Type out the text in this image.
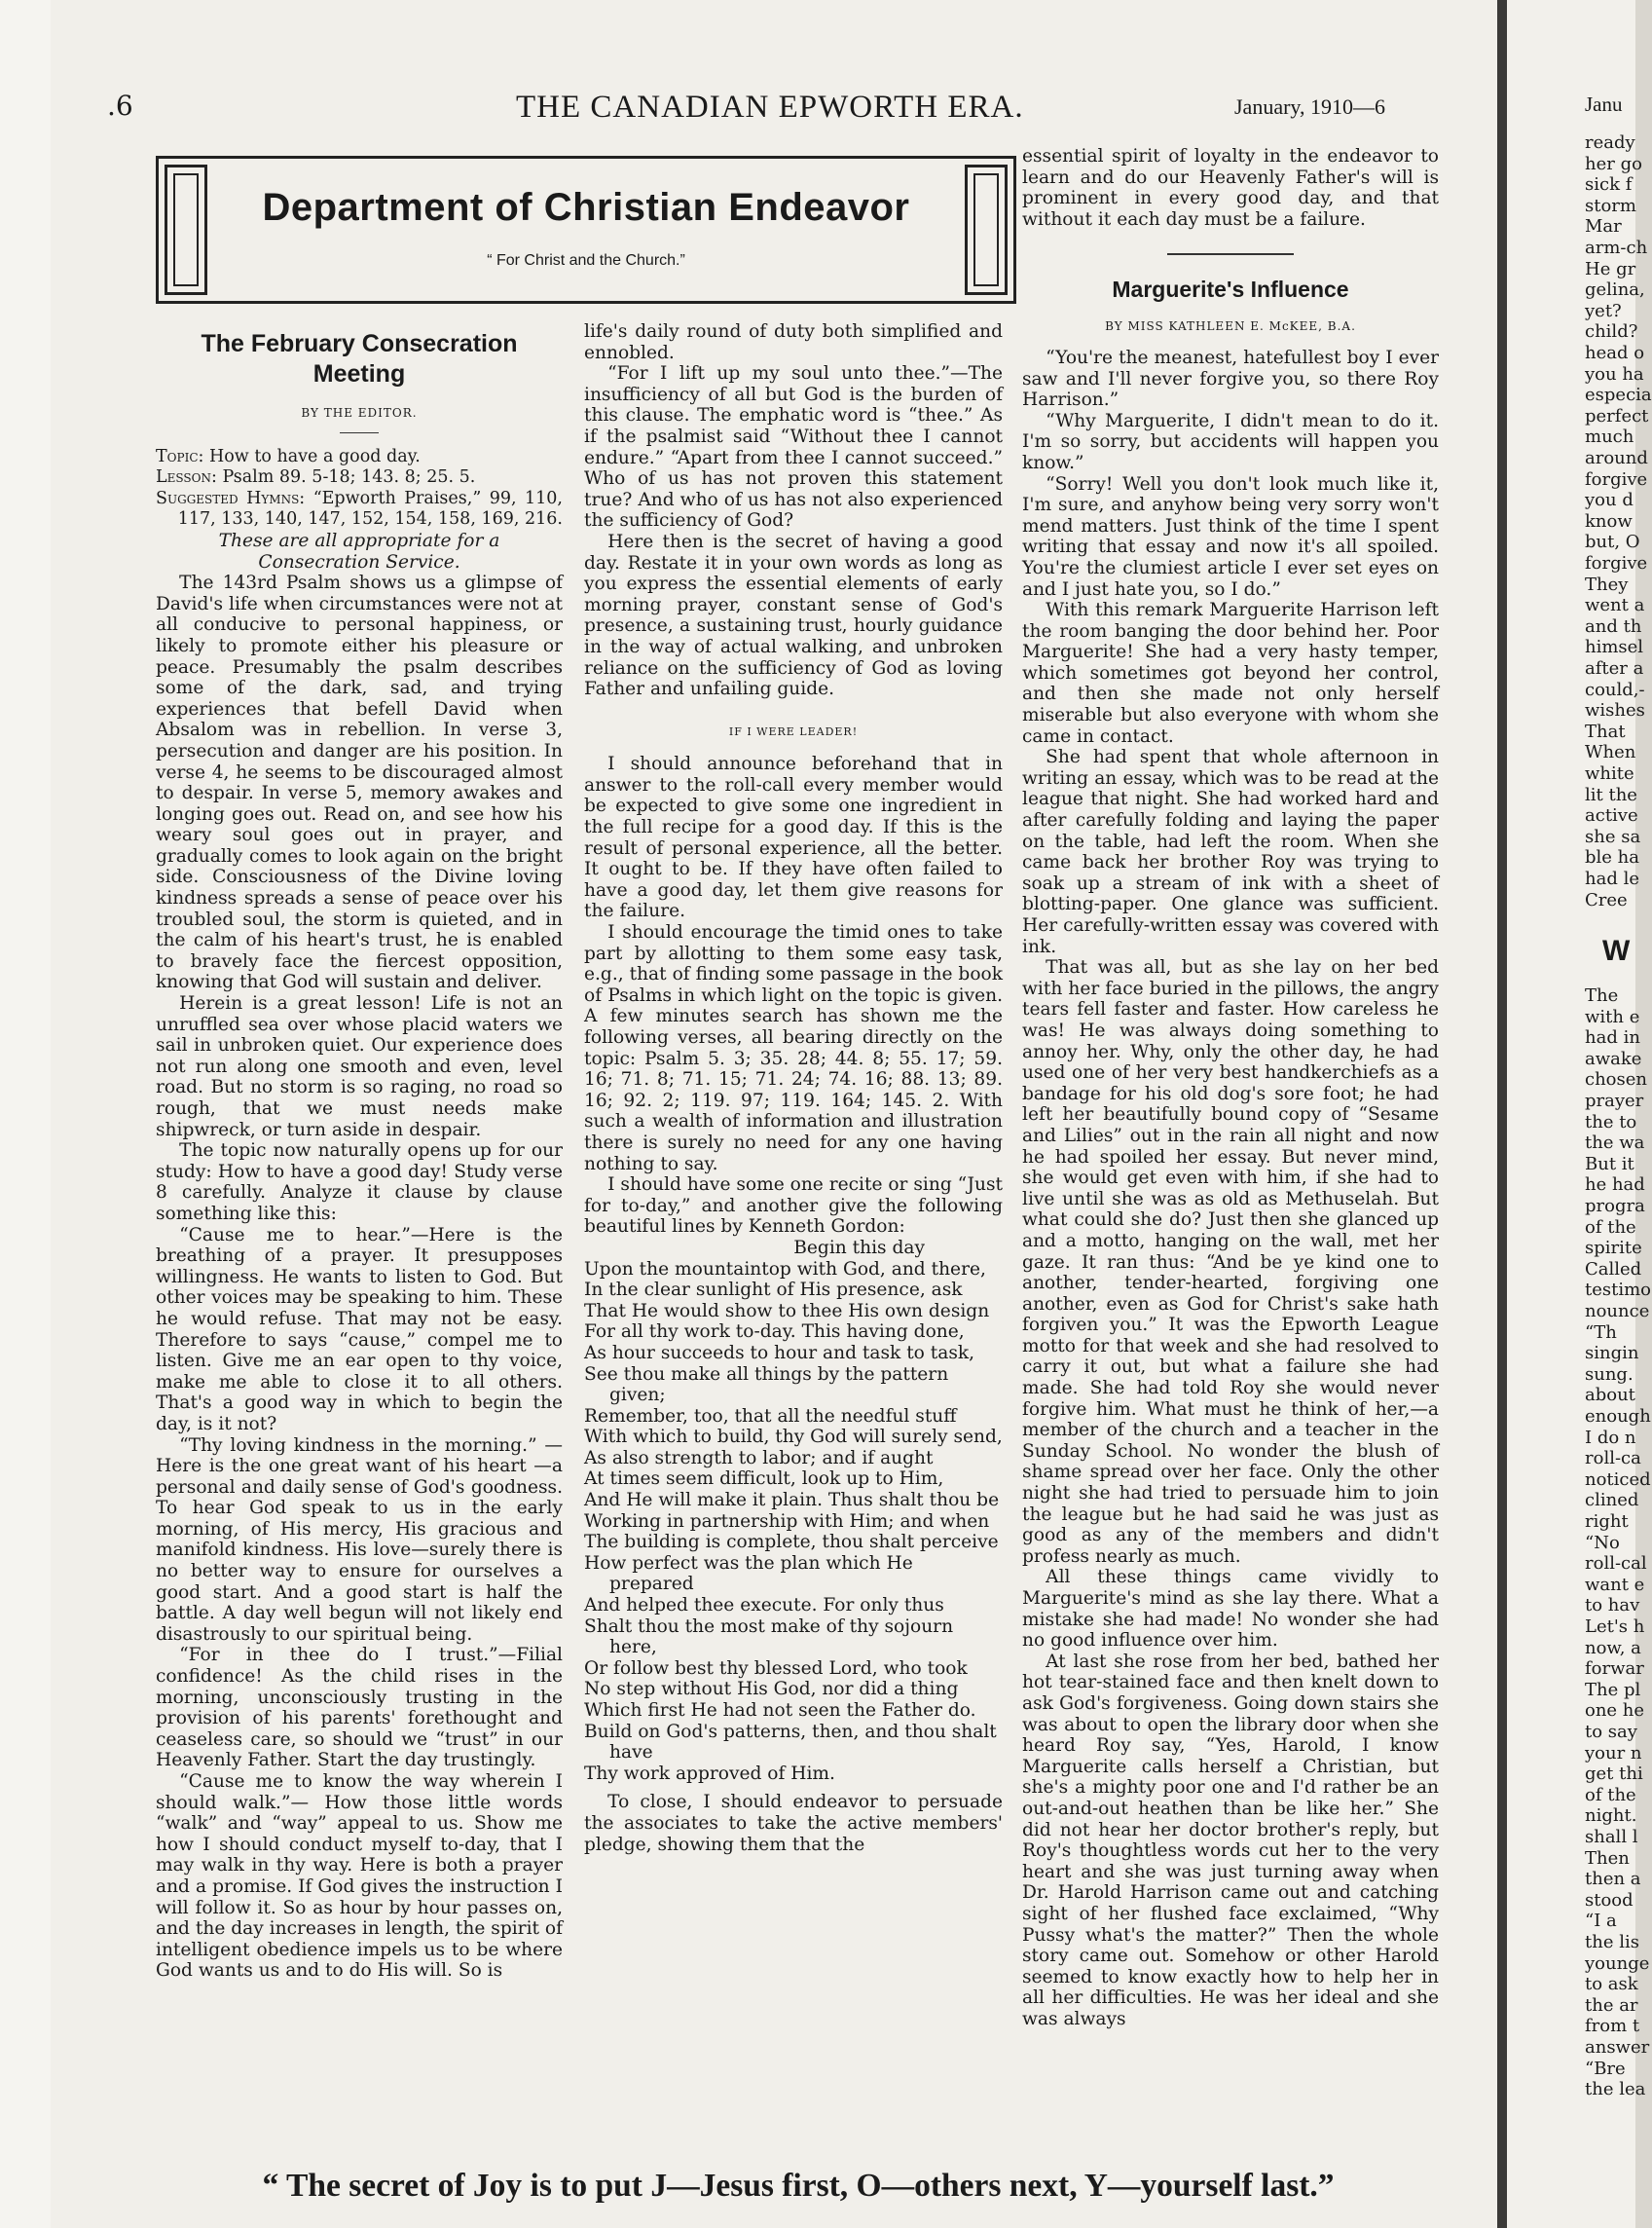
.6	THE CANADIAN EPWORTH ERA.	January, 1910—6
Department of Christian Endeavor
“ For Christ and the Church.”
The February Consecration Meeting
BY THE EDITOR.

Topic: How to have a good day.

Lesson: Psalm 89. 5-18; 143. 8; 25. 5.

Suggested Hymns: “Epworth Praises,” 99, 110, 117, 133, 140, 147, 152, 154, 158, 169, 216.

These are all appropriate for a Consecration Service.

The 143rd Psalm shows us a glimpse of David's life when circumstances were not at all conducive to personal happiness, or likely to promote either his pleasure or peace. Presumably the psalm describes some of the dark, sad, and trying experiences that befell David when Absalom was in rebellion. In verse 3, persecution and danger are his position. In verse 4, he seems to be discouraged almost to despair. In verse 5, memory awakes and longing goes out. Read on, and see how his weary soul goes out in prayer, and gradually comes to look again on the bright side. Consciousness of the Divine loving kindness spreads a sense of peace over his troubled soul, the storm is quieted, and in the calm of his heart's trust, he is enabled to bravely face the fiercest opposition, knowing that God will sustain and deliver.

Herein is a great lesson! Life is not an unruffled sea over whose placid waters we sail in unbroken quiet. Our experience does not run along one smooth and even, level road. But no storm is so raging, no road so rough, that we must needs make shipwreck, or turn aside in despair.

The topic now naturally opens up for our study: How to have a good day! Study verse 8 carefully. Analyze it clause by clause something like this:

“Cause me to hear.”—Here is the breathing of a prayer. It presupposes willingness. He wants to listen to God. But other voices may be speaking to him. These he would refuse. That may not be easy. Therefore to says “cause,” compel me to listen. Give me an ear open to thy voice, make me able to close it to all others. That's a good way in which to begin the day, is it not?

“Thy loving kindness in the morning.” —Here is the one great want of his heart —a personal and daily sense of God's goodness. To hear God speak to us in the early morning, of His mercy, His gracious and manifold kindness. His love—surely there is no better way to ensure for ourselves a good start. And a good start is half the battle. A day well begun will not likely end disastrously to our spiritual being.

“For in thee do I trust.”—Filial confidence! As the child rises in the morning, unconsciously trusting in the provision of his parents' forethought and ceaseless care, so should we “trust” in our Heavenly Father. Start the day trustingly.

“Cause me to know the way wherein I should walk.”— How those little words “walk” and “way” appeal to us. Show me how I should conduct myself to-day, that I may walk in thy way. Here is both a prayer and a promise. If God gives the instruction I will follow it. So as hour by hour passes on, and the day increases in length, the spirit of intelligent obedience impels us to be where God wants us and to do His will. So is

life's daily round of duty both simplified and ennobled.

“For I lift up my soul unto thee.”—The insufficiency of all but God is the burden of this clause. The emphatic word is “thee.” As if the psalmist said “Without thee I cannot endure.” “Apart from thee I cannot succeed.” Who of us has not proven this statement true? And who of us has not also experienced the sufficiency of God?

Here then is the secret of having a good day. Restate it in your own words as long as you express the essential elements of early morning prayer, constant sense of God's presence, a sustaining trust, hourly guidance in the way of actual walking, and unbroken reliance on the sufficiency of God as loving Father and unfailing guide.

IF I WERE LEADER!

I should announce beforehand that in answer to the roll-call every member would be expected to give some one ingredient in the full recipe for a good day. If this is the result of personal experience, all the better. It ought to be. If they have often failed to have a good day, let them give reasons for the failure.

I should encourage the timid ones to take part by allotting to them some easy task, e.g., that of finding some passage in the book of Psalms in which light on the topic is given. A few minutes search has shown me the following verses, all bearing directly on the topic: Psalm 5. 3; 35. 28; 44. 8; 55. 17; 59. 16; 71. 8; 71. 15; 71. 24; 74. 16; 88. 13; 89. 16; 92. 2; 119. 97; 119. 164; 145. 2. With such a wealth of information and illustration there is surely no need for any one having nothing to say.

I should have some one recite or sing “Just for to-day,” and another give the following beautiful lines by Kenneth Gordon:

Begin this day

Upon the mountaintop with God, and there,
In the clear sunlight of His presence, ask
That He would show to thee His own design
For all thy work to-day. This having done,
As hour succeeds to hour and task to task,
See thou make all things by the pattern given;
Remember, too, that all the needful stuff
With which to build, thy God will surely send,
As also strength to labor; and if aught
At times seem difficult, look up to Him,
And He will make it plain. Thus shalt thou be
Working in partnership with Him; and when
The building is complete, thou shalt perceive
How perfect was the plan which He prepared
And helped thee execute. For only thus
Shalt thou the most make of thy sojourn here,
Or follow best thy blessed Lord, who took
No step without His God, nor did a thing
Which first He had not seen the Father do.
Build on God's patterns, then, and thou shalt have
Thy work approved of Him.

To close, I should endeavor to persuade the associates to take the active members' pledge, showing them that the

essential spirit of loyalty in the endeavor to learn and do our Heavenly Father's will is prominent in every good day, and that without it each day must be a failure.

Marguerite's Influence
BY MISS KATHLEEN E. McKEE, B.A.

“You're the meanest, hatefullest boy I ever saw and I'll never forgive you, so there Roy Harrison.”

“Why Marguerite, I didn't mean to do it. I'm so sorry, but accidents will happen you know.”

“Sorry! Well you don't look much like it, I'm sure, and anyhow being very sorry won't mend matters. Just think of the time I spent writing that essay and now it's all spoiled. You're the clumiest article I ever set eyes on and I just hate you, so I do.”

With this remark Marguerite Harrison left the room banging the door behind her. Poor Marguerite! She had a very hasty temper, which sometimes got beyond her control, and then she made not only herself miserable but also everyone with whom she came in contact.

She had spent that whole afternoon in writing an essay, which was to be read at the league that night. She had worked hard and after carefully folding and laying the paper on the table, had left the room. When she came back her brother Roy was trying to soak up a stream of ink with a sheet of blotting-paper. One glance was sufficient. Her carefully-written essay was covered with ink.

That was all, but as she lay on her bed with her face buried in the pillows, the angry tears fell faster and faster. How careless he was! He was always doing something to annoy her. Why, only the other day, he had used one of her very best handkerchiefs as a bandage for his old dog's sore foot; he had left her beautifully bound copy of “Sesame and Lilies” out in the rain all night and now he had spoiled her essay. But never mind, she would get even with him, if she had to live until she was as old as Methuselah. But what could she do? Just then she glanced up and a motto, hanging on the wall, met her gaze. It ran thus: “And be ye kind one to another, tender-hearted, forgiving one another, even as God for Christ's sake hath forgiven you.” It was the Epworth League motto for that week and she had resolved to carry it out, but what a failure she had made. She had told Roy she would never forgive him. What must he think of her,—a member of the church and a teacher in the Sunday School. No wonder the blush of shame spread over her face. Only the other night she had tried to persuade him to join the league but he had said he was just as good as any of the members and didn't profess nearly as much.

All these things came vividly to Marguerite's mind as she lay there. What a mistake she had made! No wonder she had no good influence over him.

At last she rose from her bed, bathed her hot tear-stained face and then knelt down to ask God's forgiveness. Going down stairs she was about to open the library door when she heard Roy say, “Yes, Harold, I know Marguerite calls herself a Christian, but she's a mighty poor one and I'd rather be an out-and-out heathen than be like her.” She did not hear her doctor brother's reply, but Roy's thoughtless words cut her to the very heart and she was just turning away when Dr. Harold Harrison came out and catching sight of her flushed face exclaimed, “Why Pussy what's the matter?” Then the whole story came out. Somehow or other Harold seemed to know exactly how to help her in all her difficulties. He was her ideal and she was always

“ The secret of Joy is to put J—Jesus first, O—others next, Y—yourself last.”
Janu
ready
her go
sick f
storm
Mar
arm-ch
He gr
gelina,
yet?
child?
head o
you ha
especia
perfect
much
around
forgive
you d
know
but, O
forgive
They
went a
and th
himsel
after a
could,-
wishes
That
When
white
lit the
active
she sa
ble ha
had le
Cree
W
The
with e
had in
awake
chosen
prayer
the to
the wa
But it
he had
progra
of the
spirite
Called
testimo
nounce
“Th
singin
sung.
about
enough
I do n
roll-ca
noticed
clined
right
“No
roll-cal
want e
to hav
Let's h
now, a
forwar
The pl
one he
to say
your n
get thi
of the
night.
shall l
Then
then a
stood
“I a
the lis
younge
to ask
the ar
from t
answer
“Bre
the lea
